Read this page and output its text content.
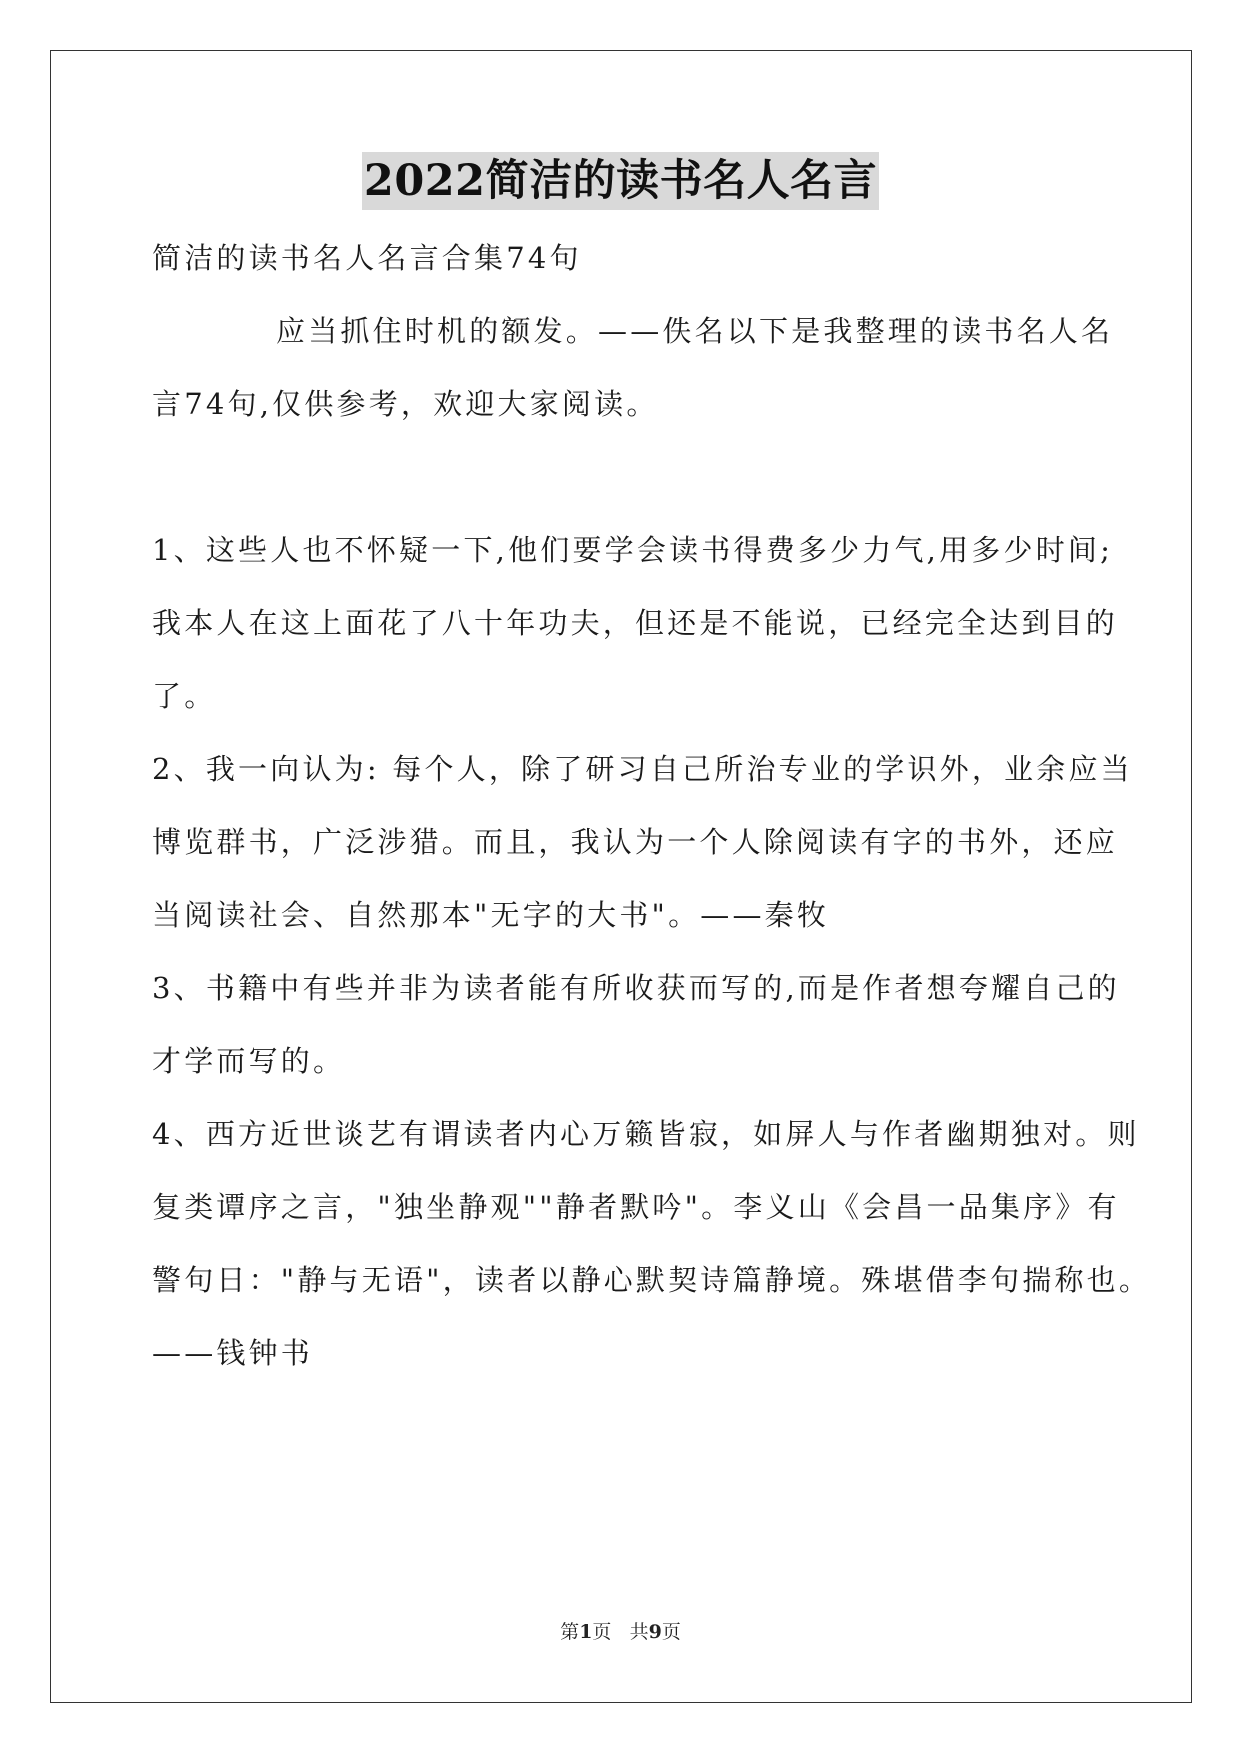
2022简洁的读书名人名言
简洁的读书名人名言合集74句
应当抓住时机的额发。——佚名以下是我整理的读书名人名
言74句,仅供参考，欢迎大家阅读。
1、这些人也不怀疑一下,他们要学会读书得费多少力气,用多少时间;
我本人在这上面花了八十年功夫，但还是不能说，已经完全达到目的
了。
2、我一向认为: 每个人，除了研习自己所治专业的学识外，业余应当
博览群书，广泛涉猎。而且，我认为一个人除阅读有字的书外，还应
当阅读社会、自然那本"无字的大书"。——秦牧
3、书籍中有些并非为读者能有所收获而写的,而是作者想夸耀自己的
才学而写的。
4、西方近世谈艺有谓读者内心万籁皆寂，如屏人与作者幽期独对。则
复类谭序之言，"独坐静观""静者默吟"。李义山《会昌一品集序》有
警句日："静与无语"，读者以静心默契诗篇静境。殊堪借李句揣称也。
——钱钟书
第1页 共9页
